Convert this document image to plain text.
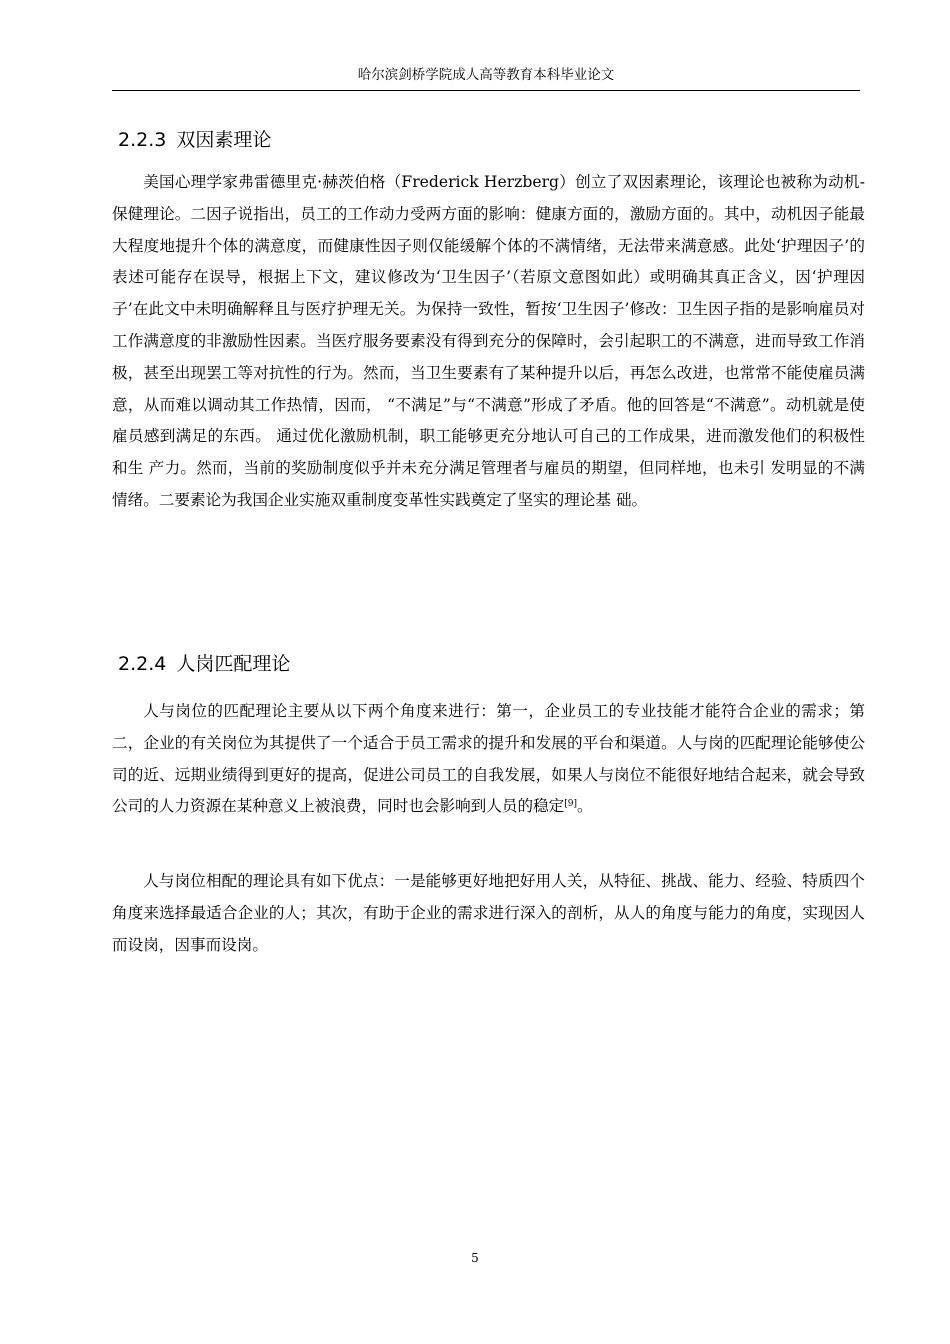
哈尔滨剑桥学院成人高等教育本科毕业论文
2.2.3 双因素理论

美国心理学家弗雷德里克·赫茨伯格（Frederick Herzberg）创立了双因素理论，该理论也被称为动机-保健理论。二因子说指出，员工的工作动力受两方面的影响：健康方面的，激励方面的。其中，动机因子能最大程度地提升个体的满意度，而健康性因子则仅能缓解个体的不满情绪，无法带来满意感。此处‘护理因子’的表述可能存在误导，根据上下文，建议修改为‘卫生因子’（若原文意图如此）或明确其真正含义，因‘护理因子’在此文中未明确解释且与医疗护理无关。为保持一致性，暂按‘卫生因子’修改：卫生因子指的是影响雇员对工作满意度的非激励性因素。当医疗服务要素没有得到充分的保障时，会引起职工的不满意，进而导致工作消极，甚至出现罢工等对抗性的行为。然而，当卫生要素有了某种提升以后，再怎么改进，也常常不能使雇员满意，从而难以调动其工作热情，因而， “不满足”与“不满意”形成了矛盾。他的回答是“不满意”。动机就是使雇员感到满足的东西。 通过优化激励机制，职工能够更充分地认可自己的工作成果，进而激发他们的积极性和生 产力。然而，当前的奖励制度似乎并未充分满足管理者与雇员的期望，但同样地，也未引 发明显的不满情绪。二要素论为我国企业实施双重制度变革性实践奠定了坚实的理论基 础。

2.2.4 人岗匹配理论

人与岗位的匹配理论主要从以下两个角度来进行：第一，企业员工的专业技能才能符合企业的需求；第二，企业的有关岗位为其提供了一个适合于员工需求的提升和发展的平台和渠道。人与岗的匹配理论能够使公司的近、远期业绩得到更好的提高，促进公司员工的自我发展，如果人与岗位不能很好地结合起来，就会导致公司的人力资源在某种意义上被浪费，同时也会影响到人员的稳定[9]。

人与岗位相配的理论具有如下优点：一是能够更好地把好用人关，从特征、挑战、能力、经验、特质四个角度来选择最适合企业的人；其次，有助于企业的需求进行深入的剖析，从人的角度与能力的角度，实现因人而设岗，因事而设岗。

5
